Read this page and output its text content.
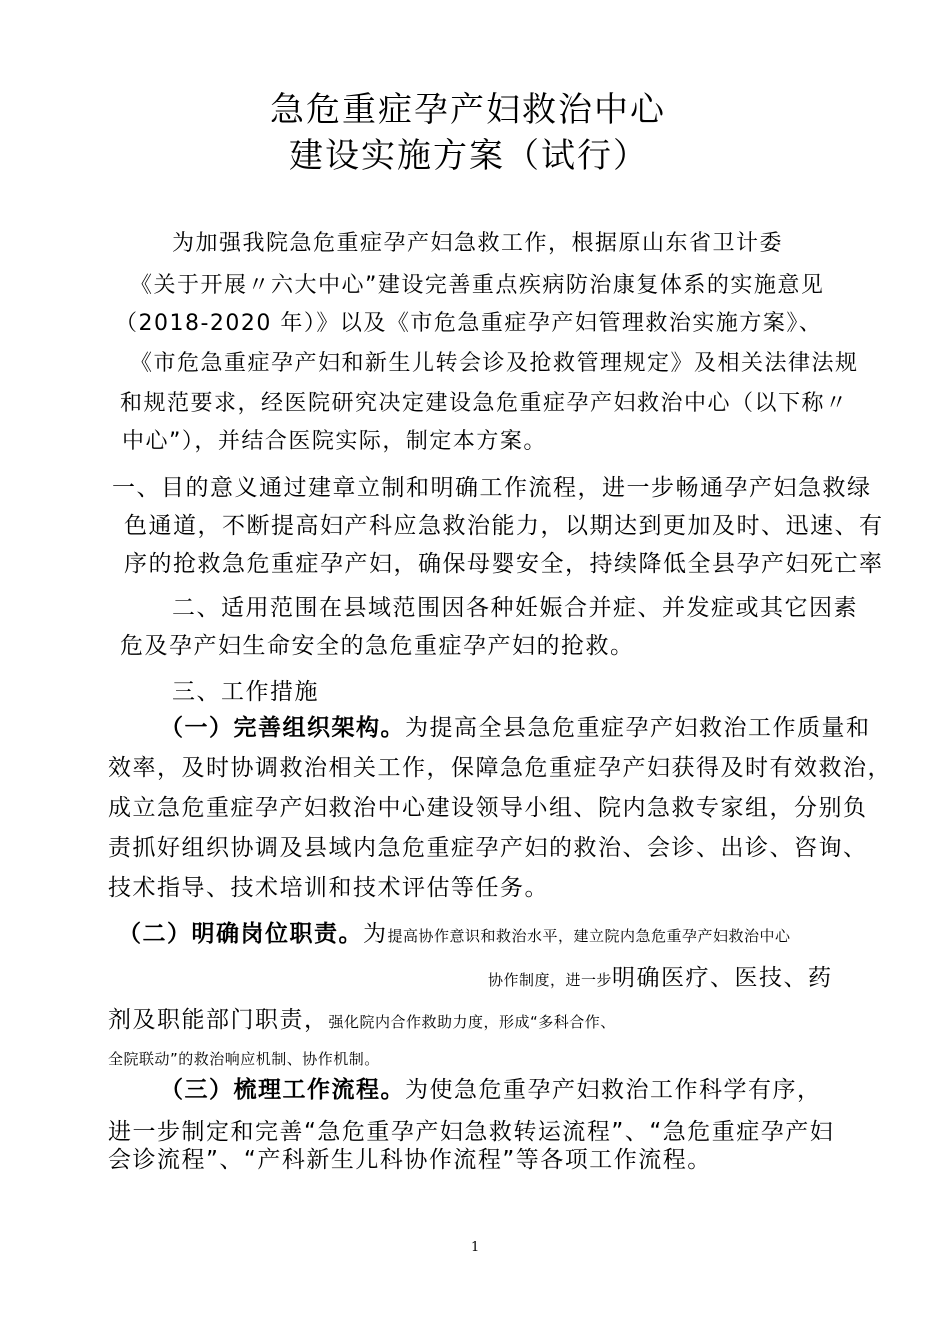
急危重症孕产妇救治中心
建设实施方案（试行）
为加强我院急危重症孕产妇急救工作，根据原山东省卫计委
《关于开展〃六大中心”建设完善重点疾病防治康复体系的实施意见
（2018-2020 年）》以及《市危急重症孕产妇管理救治实施方案》、
《市危急重症孕产妇和新生儿转会诊及抢救管理规定》及相关法律法规
和规范要求，经医院研究决定建设急危重症孕产妇救治中心（以下称〃
中心”），并结合医院实际，制定本方案。
一、目的意义通过建章立制和明确工作流程，进一步畅通孕产妇急救绿
色通道，不断提高妇产科应急救治能力，以期达到更加及时、迅速、有
序的抢救急危重症孕产妇，确保母婴安全，持续降低全县孕产妇死亡率
二、适用范围在县域范围因各种妊娠合并症、并发症或其它因素
危及孕产妇生命安全的急危重症孕产妇的抢救。
三、工作措施
（一）完善组织架构。为提高全县急危重症孕产妇救治工作质量和
效率，及时协调救治相关工作，保障急危重症孕产妇获得及时有效救治，
成立急危重症孕产妇救治中心建设领导小组、院内急救专家组，分别负
责抓好组织协调及县域内急危重症孕产妇的救治、会诊、出诊、咨询、
技术指导、技术培训和技术评估等任务。
（二）明确岗位职责。为提高协作意识和救治水平，建立院内急危重孕产妇救治中心
协作制度，进一步明确医疗、医技、药
剂及职能部门职责，强化院内合作救助力度，形成“多科合作、
全院联动”的救治响应机制、协作机制。
（三）梳理工作流程。为使急危重孕产妇救治工作科学有序，
进一步制定和完善“急危重孕产妇急救转运流程”、“急危重症孕产妇
会诊流程”、“产科新生儿科协作流程”等各项工作流程。
1
